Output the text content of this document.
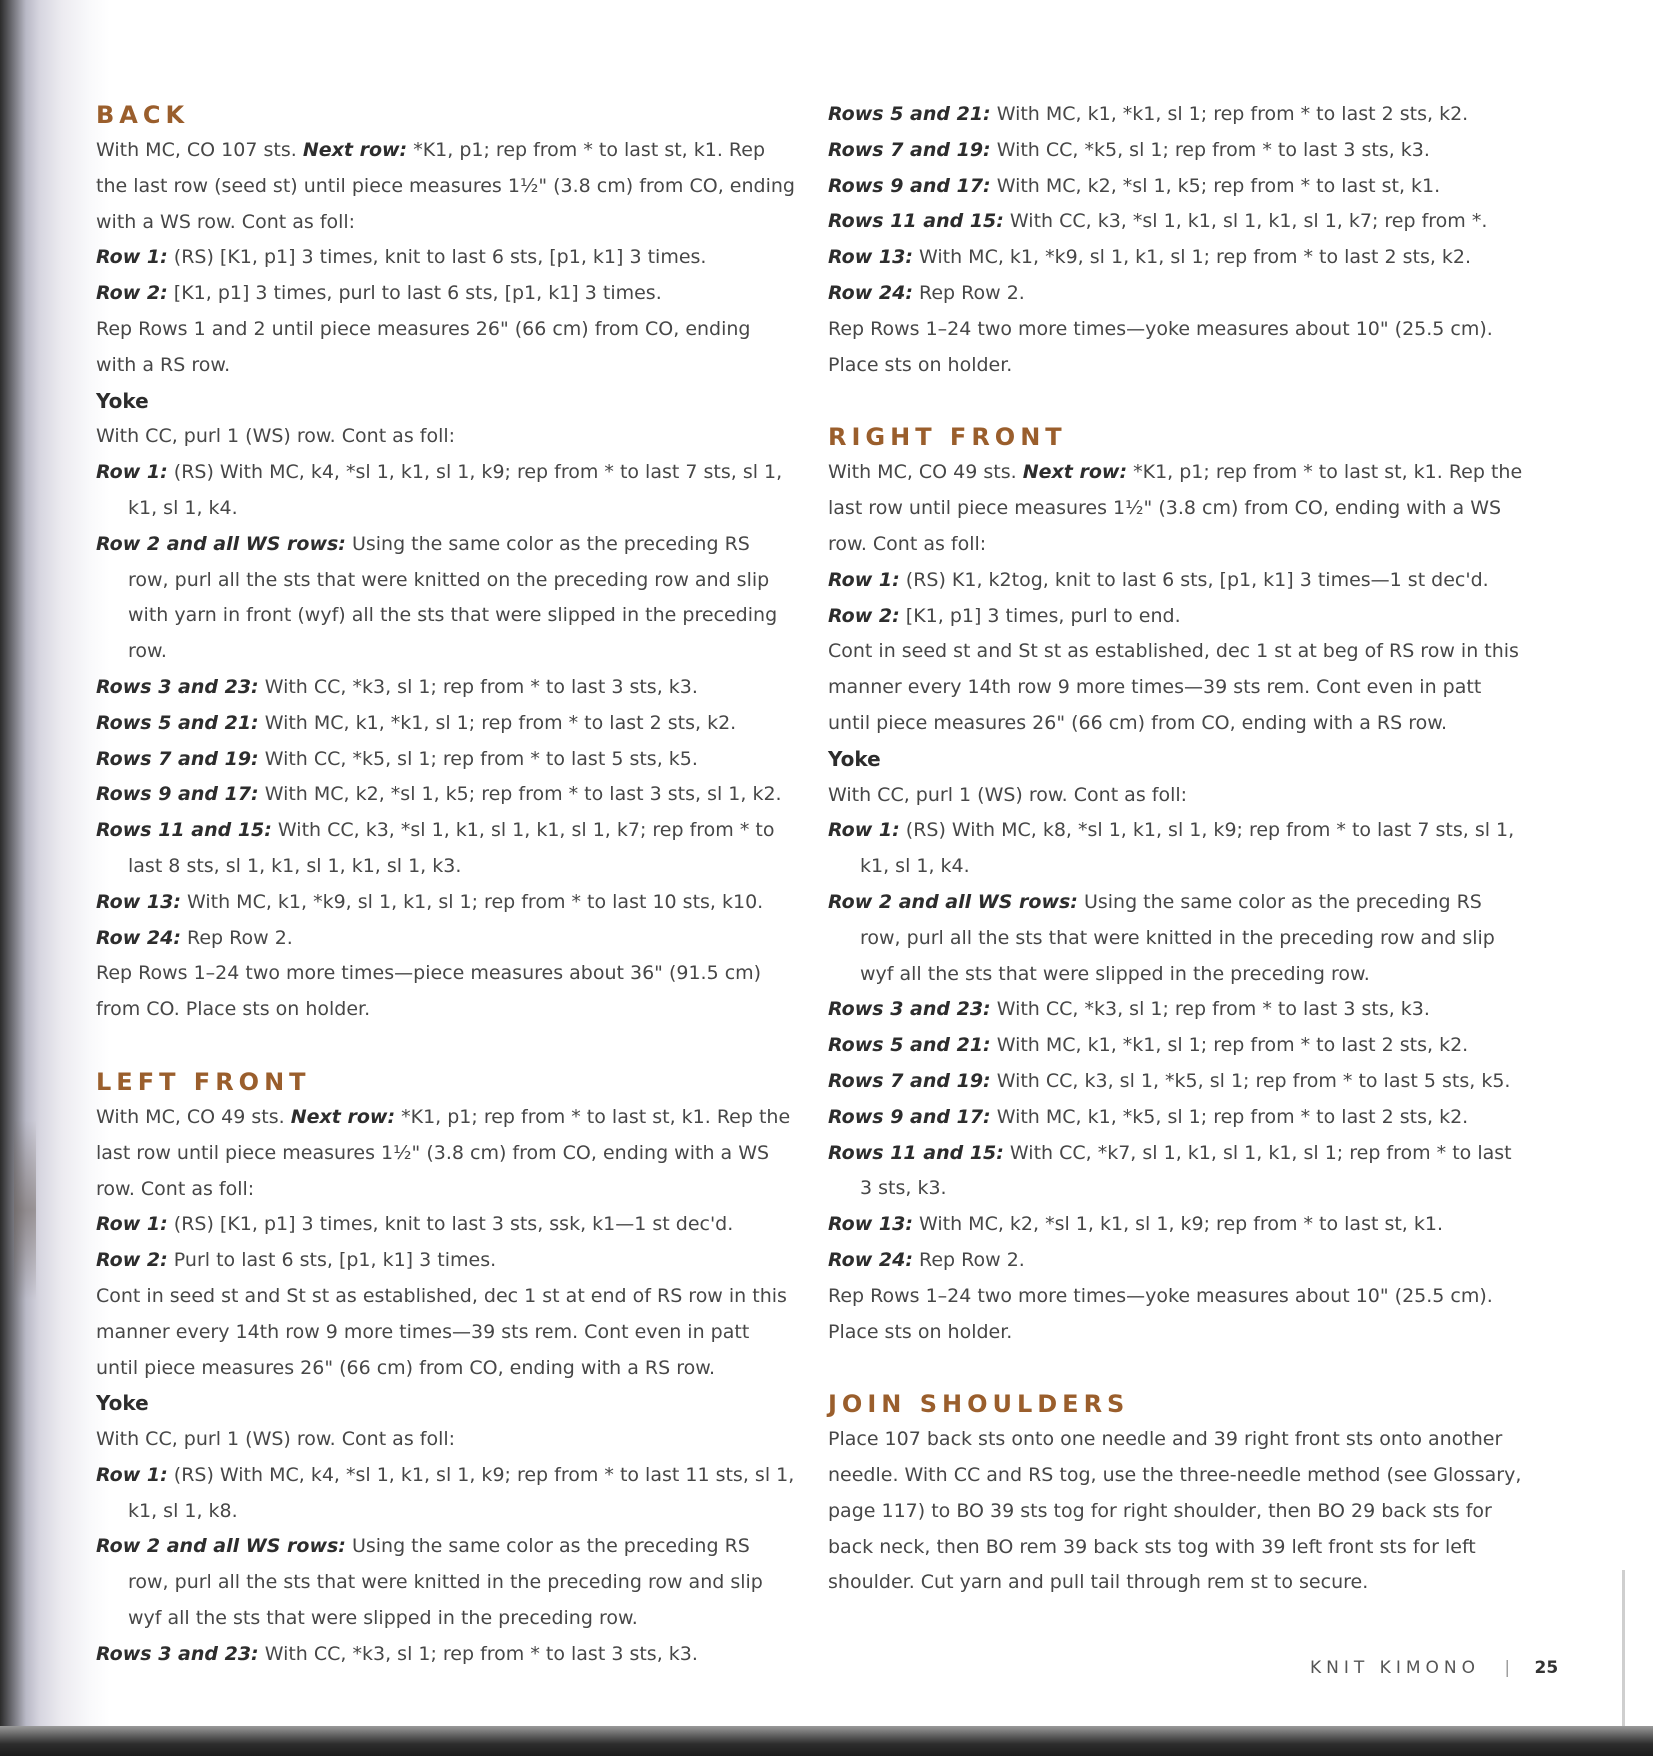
BACK

With MC, CO 107 sts. Next row: *K1, p1; rep from * to last st, k1. Rep the last row (seed st) until piece measures 1½" (3.8 cm) from CO, ending with a WS row. Cont as foll:

Row 1: (RS) [K1, p1] 3 times, knit to last 6 sts, [p1, k1] 3 times.

Row 2: [K1, p1] 3 times, purl to last 6 sts, [p1, k1] 3 times.

Rep Rows 1 and 2 until piece measures 26" (66 cm) from CO, ending with a RS row.

Yoke

With CC, purl 1 (WS) row. Cont as foll:

Row 1: (RS) With MC, k4, *sl 1, k1, sl 1, k9; rep from * to last 7 sts, sl 1, k1, sl 1, k4.

Row 2 and all WS rows: Using the same color as the preceding RS row, purl all the sts that were knitted on the preceding row and slip with yarn in front (wyf) all the sts that were slipped in the preceding row.

Rows 3 and 23: With CC, *k3, sl 1; rep from * to last 3 sts, k3.

Rows 5 and 21: With MC, k1, *k1, sl 1; rep from * to last 2 sts, k2.

Rows 7 and 19: With CC, *k5, sl 1; rep from * to last 5 sts, k5.

Rows 9 and 17: With MC, k2, *sl 1, k5; rep from * to last 3 sts, sl 1, k2.

Rows 11 and 15: With CC, k3, *sl 1, k1, sl 1, k1, sl 1, k7; rep from * to last 8 sts, sl 1, k1, sl 1, k1, sl 1, k3.

Row 13: With MC, k1, *k9, sl 1, k1, sl 1; rep from * to last 10 sts, k10.

Row 24: Rep Row 2.

Rep Rows 1–24 two more times—piece measures about 36" (91.5 cm) from CO. Place sts on holder.

LEFT FRONT

With MC, CO 49 sts. Next row: *K1, p1; rep from * to last st, k1. Rep the last row until piece measures 1½" (3.8 cm) from CO, ending with a WS row. Cont as foll:

Row 1: (RS) [K1, p1] 3 times, knit to last 3 sts, ssk, k1—1 st dec'd.

Row 2: Purl to last 6 sts, [p1, k1] 3 times.

Cont in seed st and St st as established, dec 1 st at end of RS row in this manner every 14th row 9 more times—39 sts rem. Cont even in patt until piece measures 26" (66 cm) from CO, ending with a RS row.

Yoke

With CC, purl 1 (WS) row. Cont as foll:

Row 1: (RS) With MC, k4, *sl 1, k1, sl 1, k9; rep from * to last 11 sts, sl 1, k1, sl 1, k8.

Row 2 and all WS rows: Using the same color as the preceding RS row, purl all the sts that were knitted in the preceding row and slip wyf all the sts that were slipped in the preceding row.

Rows 3 and 23: With CC, *k3, sl 1; rep from * to last 3 sts, k3.

Rows 5 and 21: With MC, k1, *k1, sl 1; rep from * to last 2 sts, k2.

Rows 7 and 19: With CC, *k5, sl 1; rep from * to last 3 sts, k3.

Rows 9 and 17: With MC, k2, *sl 1, k5; rep from * to last st, k1.

Rows 11 and 15: With CC, k3, *sl 1, k1, sl 1, k1, sl 1, k7; rep from *.

Row 13: With MC, k1, *k9, sl 1, k1, sl 1; rep from * to last 2 sts, k2.

Row 24: Rep Row 2.

Rep Rows 1–24 two more times—yoke measures about 10" (25.5 cm). Place sts on holder.

RIGHT FRONT

With MC, CO 49 sts. Next row: *K1, p1; rep from * to last st, k1. Rep the last row until piece measures 1½" (3.8 cm) from CO, ending with a WS row. Cont as foll:

Row 1: (RS) K1, k2tog, knit to last 6 sts, [p1, k1] 3 times—1 st dec'd.

Row 2: [K1, p1] 3 times, purl to end.

Cont in seed st and St st as established, dec 1 st at beg of RS row in this manner every 14th row 9 more times—39 sts rem. Cont even in patt until piece measures 26" (66 cm) from CO, ending with a RS row.

Yoke

With CC, purl 1 (WS) row. Cont as foll:

Row 1: (RS) With MC, k8, *sl 1, k1, sl 1, k9; rep from * to last 7 sts, sl 1, k1, sl 1, k4.

Row 2 and all WS rows: Using the same color as the preceding RS row, purl all the sts that were knitted in the preceding row and slip wyf all the sts that were slipped in the preceding row.

Rows 3 and 23: With CC, *k3, sl 1; rep from * to last 3 sts, k3.

Rows 5 and 21: With MC, k1, *k1, sl 1; rep from * to last 2 sts, k2.

Rows 7 and 19: With CC, k3, sl 1, *k5, sl 1; rep from * to last 5 sts, k5.

Rows 9 and 17: With MC, k1, *k5, sl 1; rep from * to last 2 sts, k2.

Rows 11 and 15: With CC, *k7, sl 1, k1, sl 1, k1, sl 1; rep from * to last 3 sts, k3.

Row 13: With MC, k2, *sl 1, k1, sl 1, k9; rep from * to last st, k1.

Row 24: Rep Row 2.

Rep Rows 1–24 two more times—yoke measures about 10" (25.5 cm). Place sts on holder.

JOIN SHOULDERS

Place 107 back sts onto one needle and 39 right front sts onto another needle. With CC and RS tog, use the three-needle method (see Glossary, page 117) to BO 39 sts tog for right shoulder, then BO 29 back sts for back neck, then BO rem 39 back sts tog with 39 left front sts for left shoulder. Cut yarn and pull tail through rem st to secure.

KNIT KIMONO | 25
